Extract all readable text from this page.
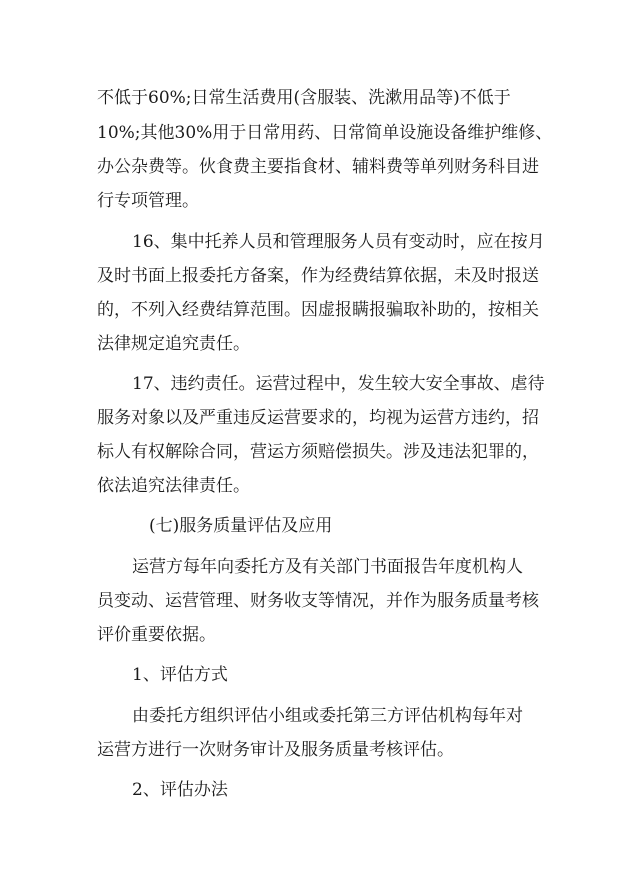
不低于60%;日常生活费用(含服装、洗漱用品等)不低于
10%;其他30%用于日常用药、日常简单设施设备维护维修、
办公杂费等。伙食费主要指食材、辅料费等单列财务科目进
行专项管理。
16、集中托养人员和管理服务人员有变动时，应在按月
及时书面上报委托方备案，作为经费结算依据，未及时报送
的，不列入经费结算范围。因虚报瞒报骗取补助的，按相关
法律规定追究责任。
17、违约责任。运营过程中，发生较大安全事故、虐待
服务对象以及严重违反运营要求的，均视为运营方违约，招
标人有权解除合同，营运方须赔偿损失。涉及违法犯罪的，
依法追究法律责任。
(七)服务质量评估及应用
运营方每年向委托方及有关部门书面报告年度机构人
员变动、运营管理、财务收支等情况，并作为服务质量考核
评价重要依据。
1、评估方式
由委托方组织评估小组或委托第三方评估机构每年对
运营方进行一次财务审计及服务质量考核评估。
2、评估办法
